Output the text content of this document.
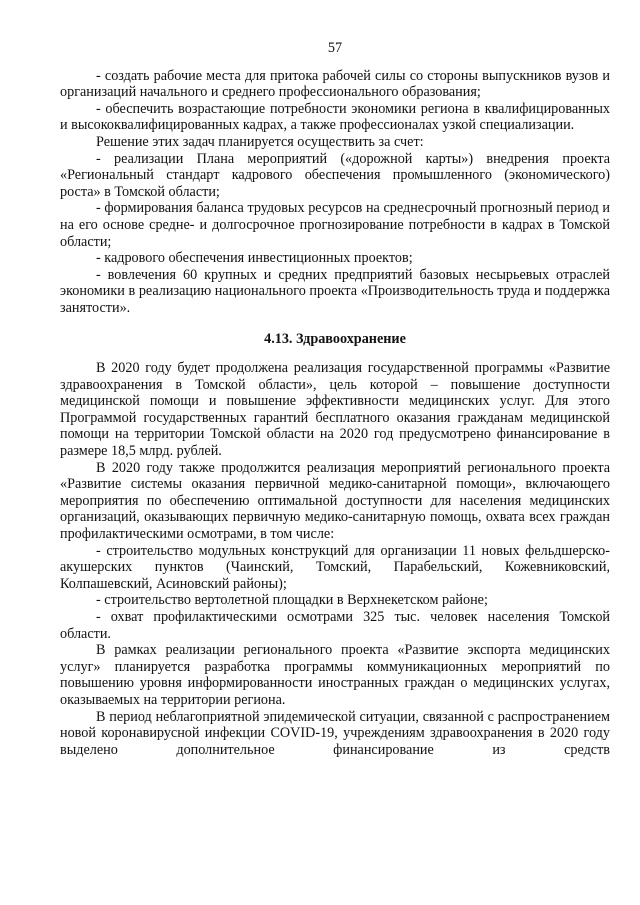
57

- создать рабочие места для притока рабочей силы со стороны выпускников вузов и организаций начального и среднего профессионального образования;

- обеспечить возрастающие потребности экономики региона в квалифицированных и высококвалифицированных кадрах, а также профессионалах узкой специализации.

Решение этих задач планируется осуществить за счет:

- реализации Плана мероприятий («дорожной карты») внедрения проекта «Региональный стандарт кадрового обеспечения промышленного (экономического) роста» в Томской области;

- формирования баланса трудовых ресурсов на среднесрочный прогнозный период и на его основе средне- и долгосрочное прогнозирование потребности в кадрах в Томской области;

- кадрового обеспечения инвестиционных проектов;

- вовлечения 60 крупных и средних предприятий базовых несырьевых отраслей экономики в реализацию национального проекта «Производительность труда и поддержка занятости».

4.13. Здравоохранение

В 2020 году будет продолжена реализация государственной программы «Развитие здравоохранения в Томской области», цель которой – повышение доступности медицинской помощи и повышение эффективности медицинских услуг. Для этого Программой государственных гарантий бесплатного оказания гражданам медицинской помощи на территории Томской области на 2020 год предусмотрено финансирование в размере 18,5 млрд. рублей.

В 2020 году также продолжится реализация мероприятий регионального проекта «Развитие системы оказания первичной медико-санитарной помощи», включающего мероприятия по обеспечению оптимальной доступности для населения медицинских организаций, оказывающих первичную медико-санитарную помощь, охвата всех граждан профилактическими осмотрами, в том числе:

- строительство модульных конструкций для организации 11 новых фельдшерско-акушерских пунктов (Чаинский, Томский, Парабельский, Кожевниковский, Колпашевский, Асиновский районы);

- строительство вертолетной площадки в Верхнекетском районе;

- охват профилактическими осмотрами 325 тыс. человек населения Томской области.

В рамках реализации регионального проекта «Развитие экспорта медицинских услуг» планируется разработка программы коммуникационных мероприятий по повышению уровня информированности иностранных граждан о медицинских услугах, оказываемых на территории региона.

В период неблагоприятной эпидемической ситуации, связанной с распространением новой коронавирусной инфекции COVID-19, учреждениям здравоохранения в 2020 году выделено дополнительное финансирование из средств
